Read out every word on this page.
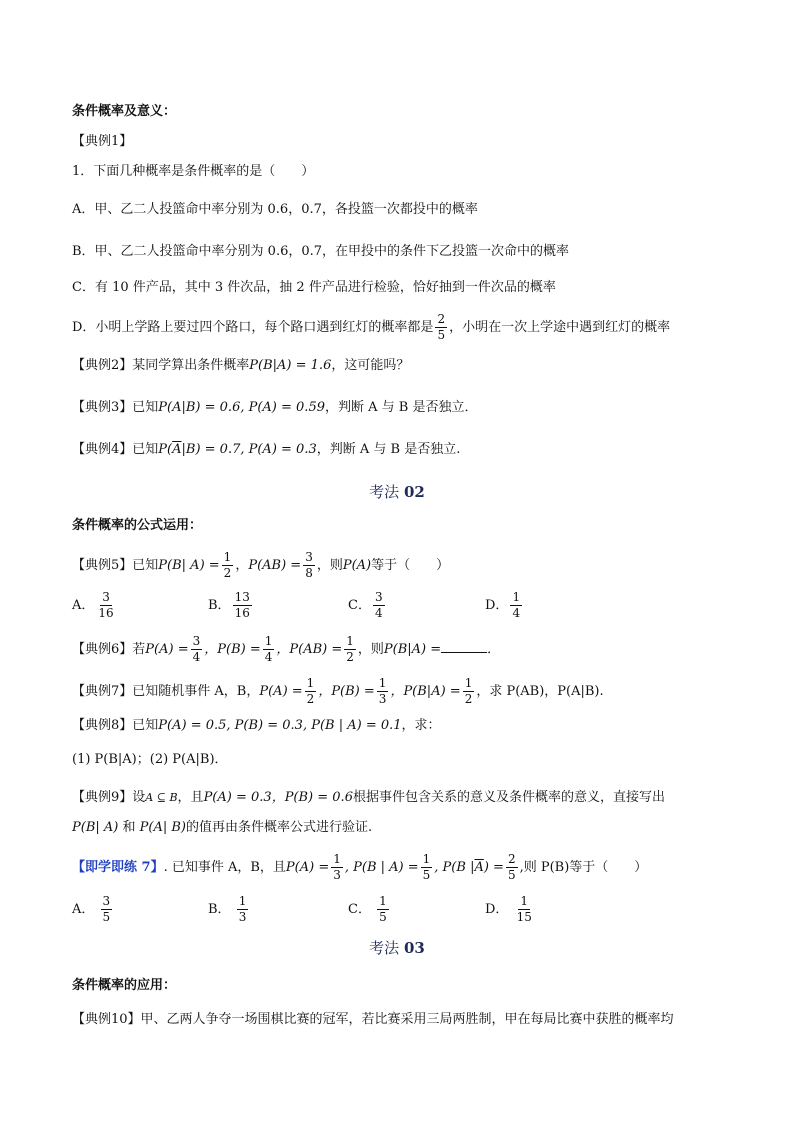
条件概率及意义：
【典例1】
1．下面几种概率是条件概率的是（　　）
A．甲、乙二人投篮命中率分别为 0.6，0.7，各投篮一次都投中的概率
B．甲、乙二人投篮命中率分别为 0.6，0.7，在甲投中的条件下乙投篮一次命中的概率
C．有 10 件产品，其中 3 件次品，抽 2 件产品进行检验，恰好抽到一件次品的概率
D．小明上学路上要过四个路口，每个路口遇到红灯的概率都是 $\frac{2}{5}$ ，小明在一次上学途中遇到红灯的概率
【典例2】某同学算出条件概率P(B|A) = 1.6，这可能吗？
【典例3】已知P(A|B) = 0.6, P(A) = 0.59，判断 A 与 B 是否独立．
【典例4】已知$P(\overline{A}|B) = 0.7$, P(A) = 0.3，判断 A 与 B 是否独立.
考法 02
条件概率的公式运用：
【典例5】已知P(B| $A) = \frac{1}{2}$ ，$P(AB) = \frac{3}{8}$ ，则P(A)等于（　　）
A． $\frac{3}{16}$	B． $\frac{13}{16}$	C． $\frac{3}{4}$	D． $\frac{1}{4}$
【典例6】若$P(A) = \frac{3}{4}$ ，$P(B) = \frac{1}{4}$ ，$P(AB) = \frac{1}{2}$ ，则P(B|A) =	．
【典例7】已知随机事件 A，B，$P(A) = \frac{1}{2}$ ，$P(B) = \frac{1}{3}$ ，$P(B|A) = \frac{1}{2}$ ，求 P(AB)，P(A|B).
【典例8】已知P(A) = 0.5, P(B) = 0.3, P(B | A) = 0.1，求：
(1) P(B|A)；(2) P(A|B)．
【典例9】设A ⊆ B，且P(A) = 0.3，P(B) = 0.6根据事件包含关系的意义及条件概率的意义，直接写出
P(B| A) 和 P(A| B)的值再由条件概率公式进行验证.
【即学即练 7】. 已知事件 A，B，且$P(A) = \frac{1}{3}$ , P(B | $A) = \frac{1}{5}$ , P(B $|\overline{A}) = \frac{2}{5}$ ,则 P(B)等于（　　）
A． $\frac{3}{5}$	B． $\frac{1}{3}$	C． $\frac{1}{5}$	D． $\frac{1}{15}$
考法 03
条件概率的应用：
【典例10】甲、乙两人争夺一场围棋比赛的冠军，若比赛采用三局两胜制，甲在每局比赛中获胜的概率均
